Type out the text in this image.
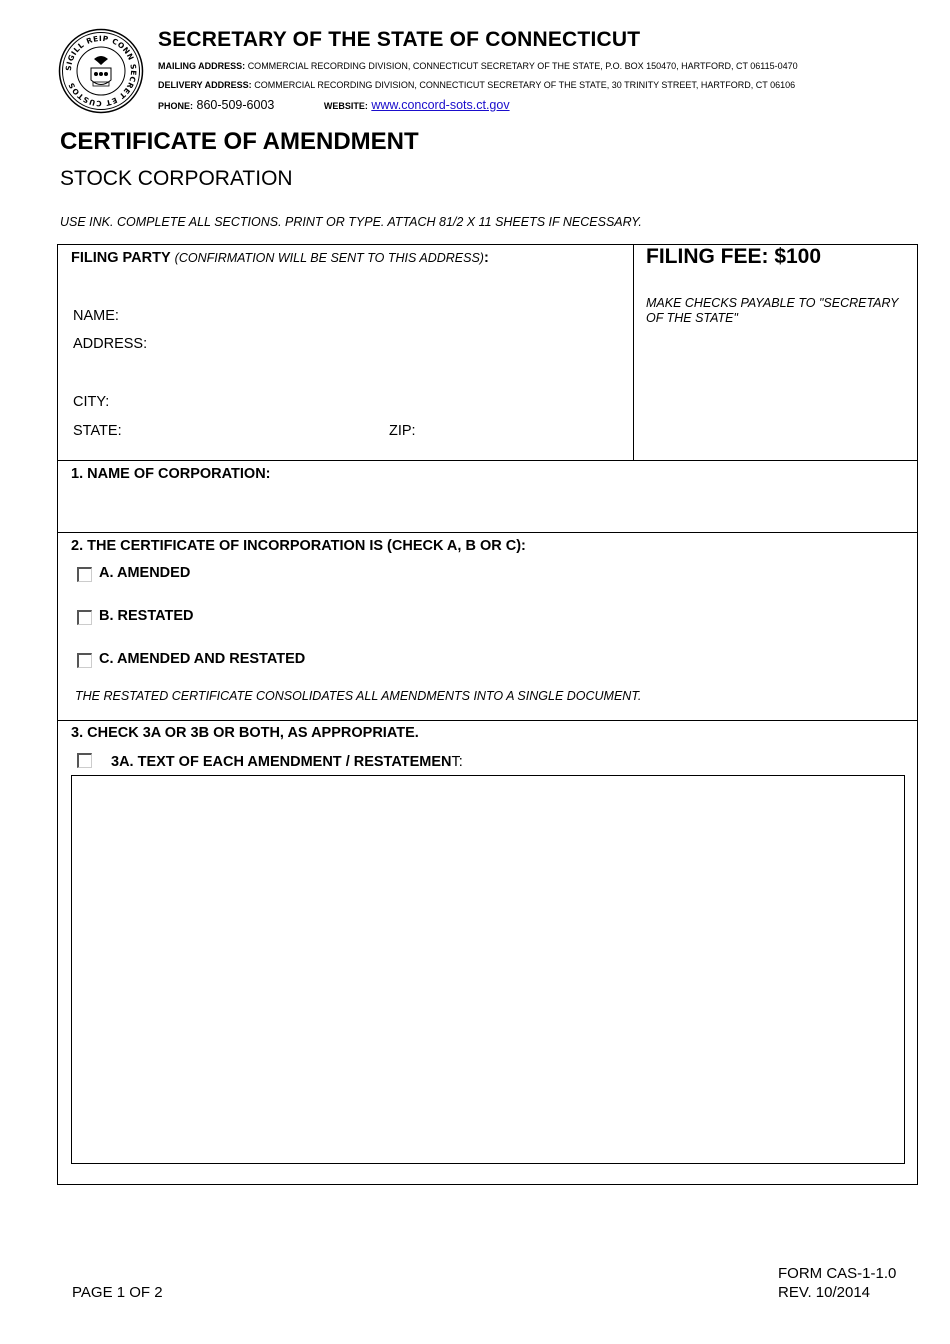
SIGILL REIP CONN SECRET ET CUSTOS
SECRETARY OF THE STATE OF CONNECTICUT
MAILING ADDRESS: COMMERCIAL RECORDING DIVISION, CONNECTICUT SECRETARY OF THE STATE, P.O. BOX 150470, HARTFORD, CT 06115-0470
DELIVERY ADDRESS: COMMERCIAL RECORDING DIVISION, CONNECTICUT SECRETARY OF THE STATE, 30 TRINITY STREET, HARTFORD, CT 06106
PHONE: 860-509-6003	WEBSITE: www.concord-sots.ct.gov
CERTIFICATE OF AMENDMENT
STOCK CORPORATION
USE INK. COMPLETE ALL SECTIONS. PRINT OR TYPE. ATTACH 81/2 X 11 SHEETS IF NECESSARY.
FILING PARTY (CONFIRMATION WILL BE SENT TO THIS ADDRESS):
NAME:
ADDRESS:
CITY:
STATE:	ZIP:
FILING FEE: $100
MAKE CHECKS PAYABLE TO "SECRETARY OF THE STATE"
1. NAME OF CORPORATION:
2. THE CERTIFICATE OF INCORPORATION IS (CHECK A, B OR C):
A. AMENDED
B. RESTATED
C. AMENDED AND RESTATED
THE RESTATED CERTIFICATE CONSOLIDATES ALL AMENDMENTS INTO A SINGLE DOCUMENT.
3. CHECK 3A OR 3B OR BOTH, AS APPROPRIATE.
3A. TEXT OF EACH AMENDMENT / RESTATEMENT:
PAGE 1 OF 2
FORM CAS-1-1.0
REV. 10/2014
